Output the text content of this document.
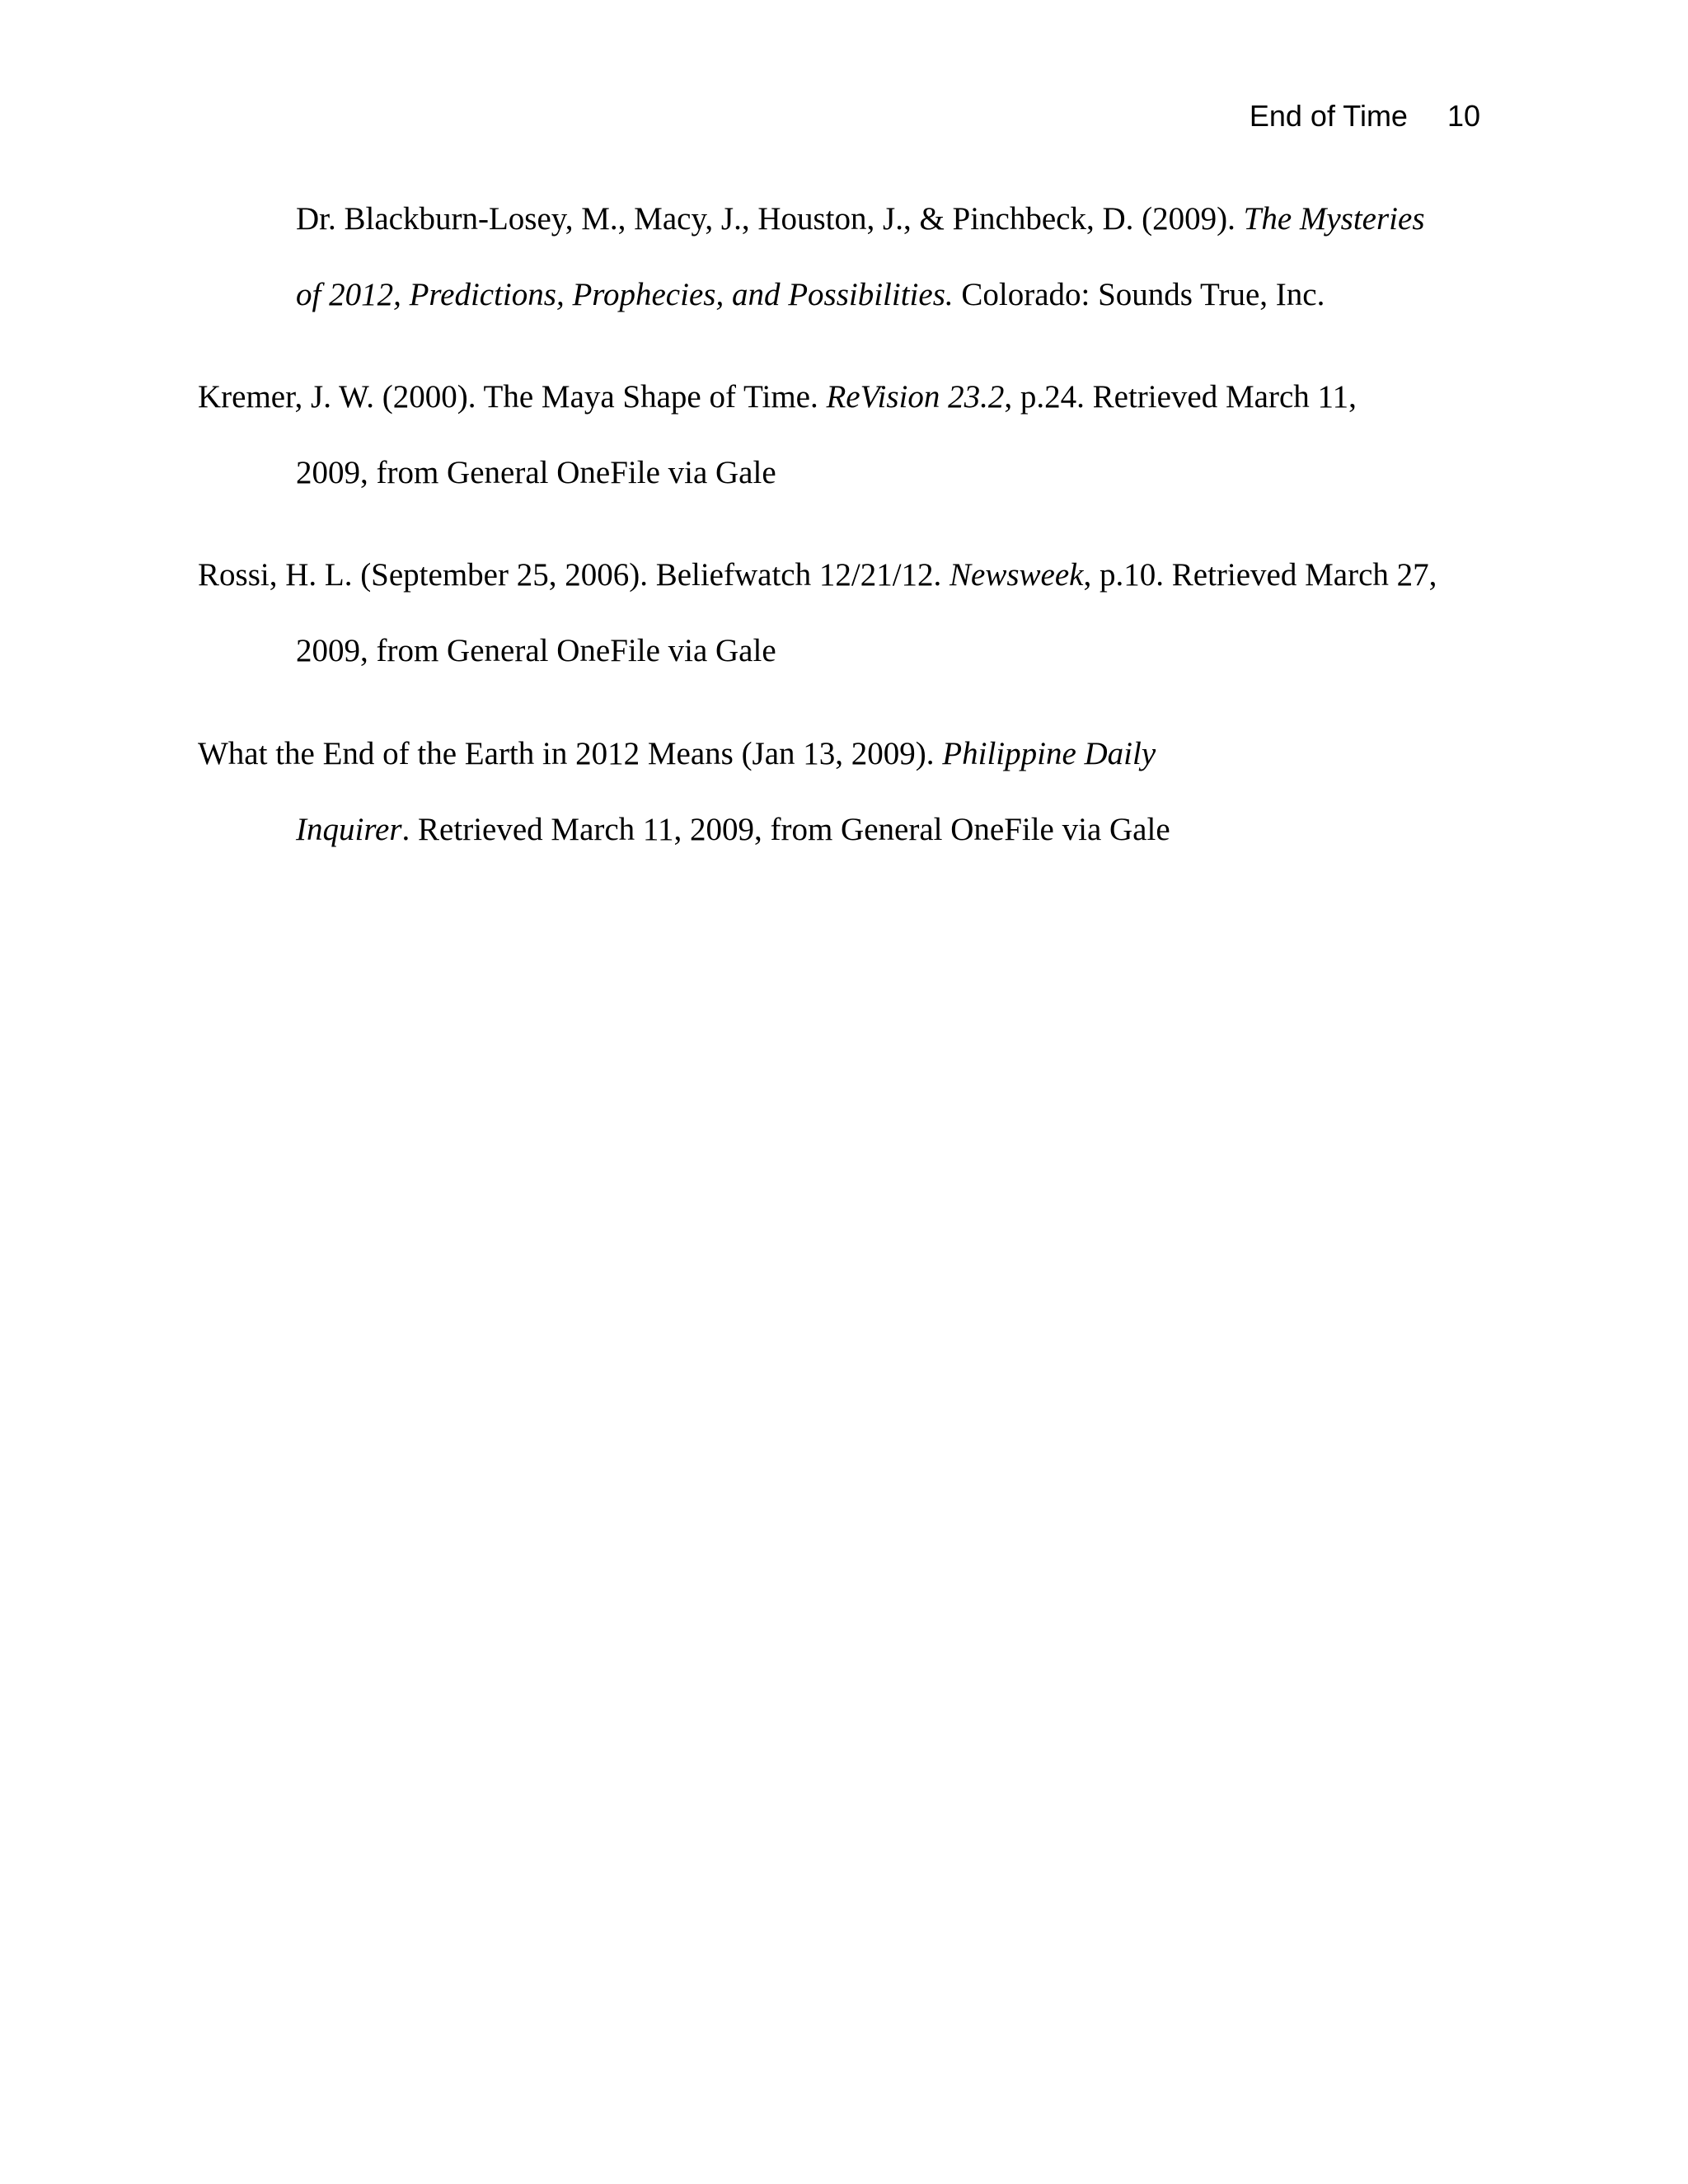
End of Time 10
Dr. Blackburn-Losey, M., Macy, J., Houston, J., & Pinchbeck, D. (2009). The Mysteries
of 2012, Predictions, Prophecies, and Possibilities. Colorado: Sounds True, Inc.
Kremer, J. W. (2000). The Maya Shape of Time. ReVision 23.2, p.24. Retrieved March 11,
2009, from General OneFile via Gale
Rossi, H. L. (September 25, 2006). Beliefwatch 12/21/12. Newsweek, p.10. Retrieved March 27,
2009, from General OneFile via Gale
What the End of the Earth in 2012 Means (Jan 13, 2009). Philippine Daily
Inquirer. Retrieved March 11, 2009, from General OneFile via Gale
